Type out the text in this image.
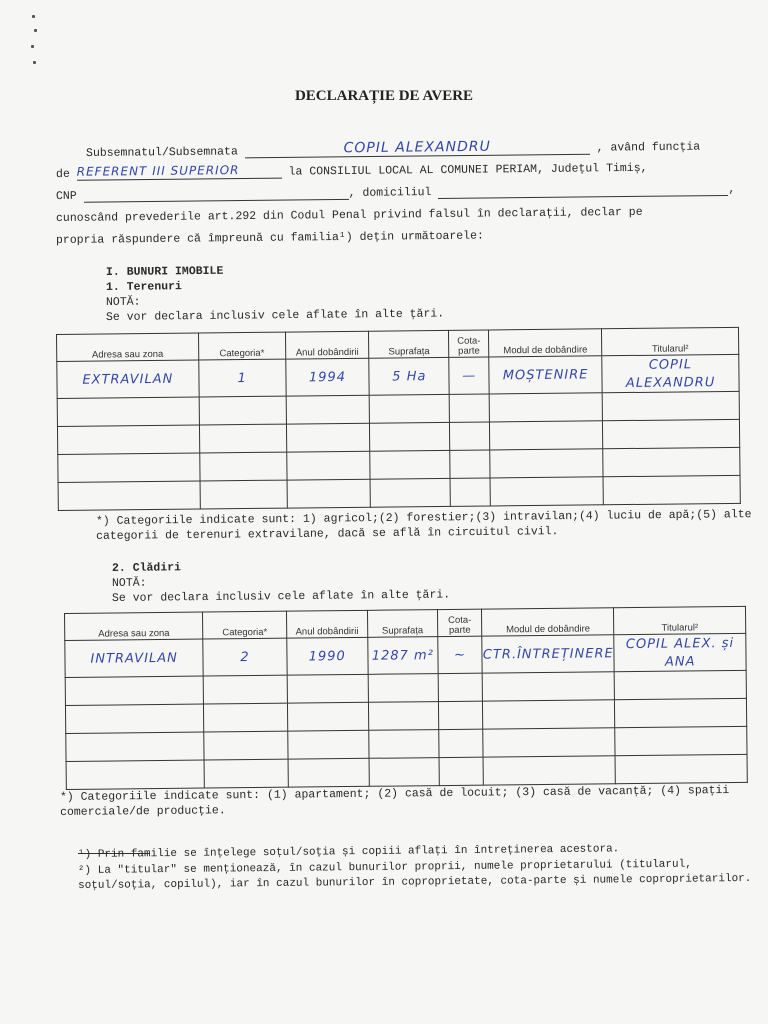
DECLARAȚIE DE AVERE
Subsemnatul/Subsemnata	COPIL ALEXANDRU	, având funcția
de REFERENT III SUPERIOR	la CONSILIUL LOCAL AL COMUNEI PERIAM, Județul Timiș,
CNP	, domiciliul	,
cunoscând prevederile art.292 din Codul Penal privind falsul în declarații, declar pe
propria răspundere că împreună cu familia¹) dețin următoarele:
I. BUNURI IMOBILE
1. Terenuri
NOTĂ:
Se vor declara inclusiv cele aflate în alte țări.
Adresa sau zona	Categoria*	Anul dobândirii	Suprafața	Cota-parte	Modul de dobândire	Titularul²
EXTRAVILAN	1	1994	5 Ha	—	MOȘTENIRE	COPIL ALEXANDRU

*) Categoriile indicate sunt: 1) agricol;(2) forestier;(3) intravilan;(4) luciu de apă;(5) alte categorii de terenuri extravilane, dacă se află în circuitul civil.
2. Clădiri
NOTĂ:
Se vor declara inclusiv cele aflate în alte țări.
Adresa sau zona	Categoria*	Anul dobândirii	Suprafața	Cota-parte	Modul de dobândire	Titularul²
INTRAVILAN	2	1990	1287 m²	~	CTR.ÎNTREȚINERE	COPIL ALEX. și ANA

*) Categoriile indicate sunt: (1) apartament; (2) casă de locuit; (3) casă de vacanță; (4) spații comerciale/de producție.
¹) Prin familie se înțelege soțul/soția și copiii aflați în întreținerea acestora.
²) La "titular" se menționează, în cazul bunurilor proprii, numele proprietarului (titularul, soțul/soția, copilul), iar în cazul bunurilor în coproprietate, cota-parte și numele coproprietarilor.
